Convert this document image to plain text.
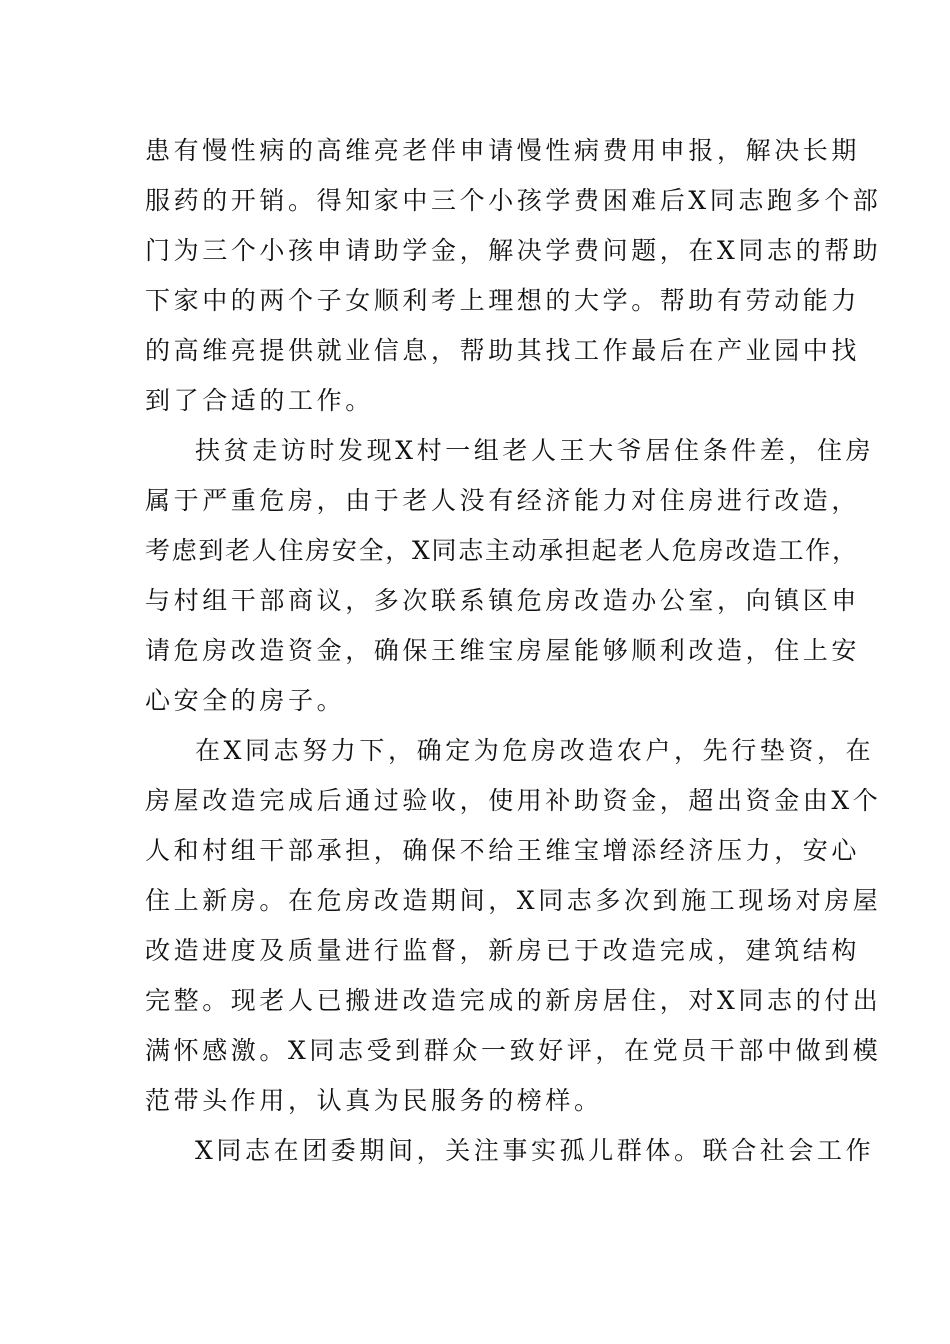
患有慢性病的高维亮老伴申请慢性病费用申报，解决长期
服药的开销。得知家中三个小孩学费困难后X同志跑多个部
门为三个小孩申请助学金，解决学费问题，在X同志的帮助
下家中的两个子女顺利考上理想的大学。帮助有劳动能力
的高维亮提供就业信息，帮助其找工作最后在产业园中找
到了合适的工作。
扶贫走访时发现X村一组老人王大爷居住条件差，住房
属于严重危房，由于老人没有经济能力对住房进行改造，
考虑到老人住房安全，X同志主动承担起老人危房改造工作，
与村组干部商议，多次联系镇危房改造办公室，向镇区申
请危房改造资金，确保王维宝房屋能够顺利改造，住上安
心安全的房子。
在X同志努力下，确定为危房改造农户，先行垫资，在
房屋改造完成后通过验收，使用补助资金，超出资金由X个
人和村组干部承担，确保不给王维宝增添经济压力，安心
住上新房。在危房改造期间，X同志多次到施工现场对房屋
改造进度及质量进行监督，新房已于改造完成，建筑结构
完整。现老人已搬进改造完成的新房居住，对X同志的付出
满怀感激。X同志受到群众一致好评，在党员干部中做到模
范带头作用，认真为民服务的榜样。
X同志在团委期间，关注事实孤儿群体。联合社会工作
